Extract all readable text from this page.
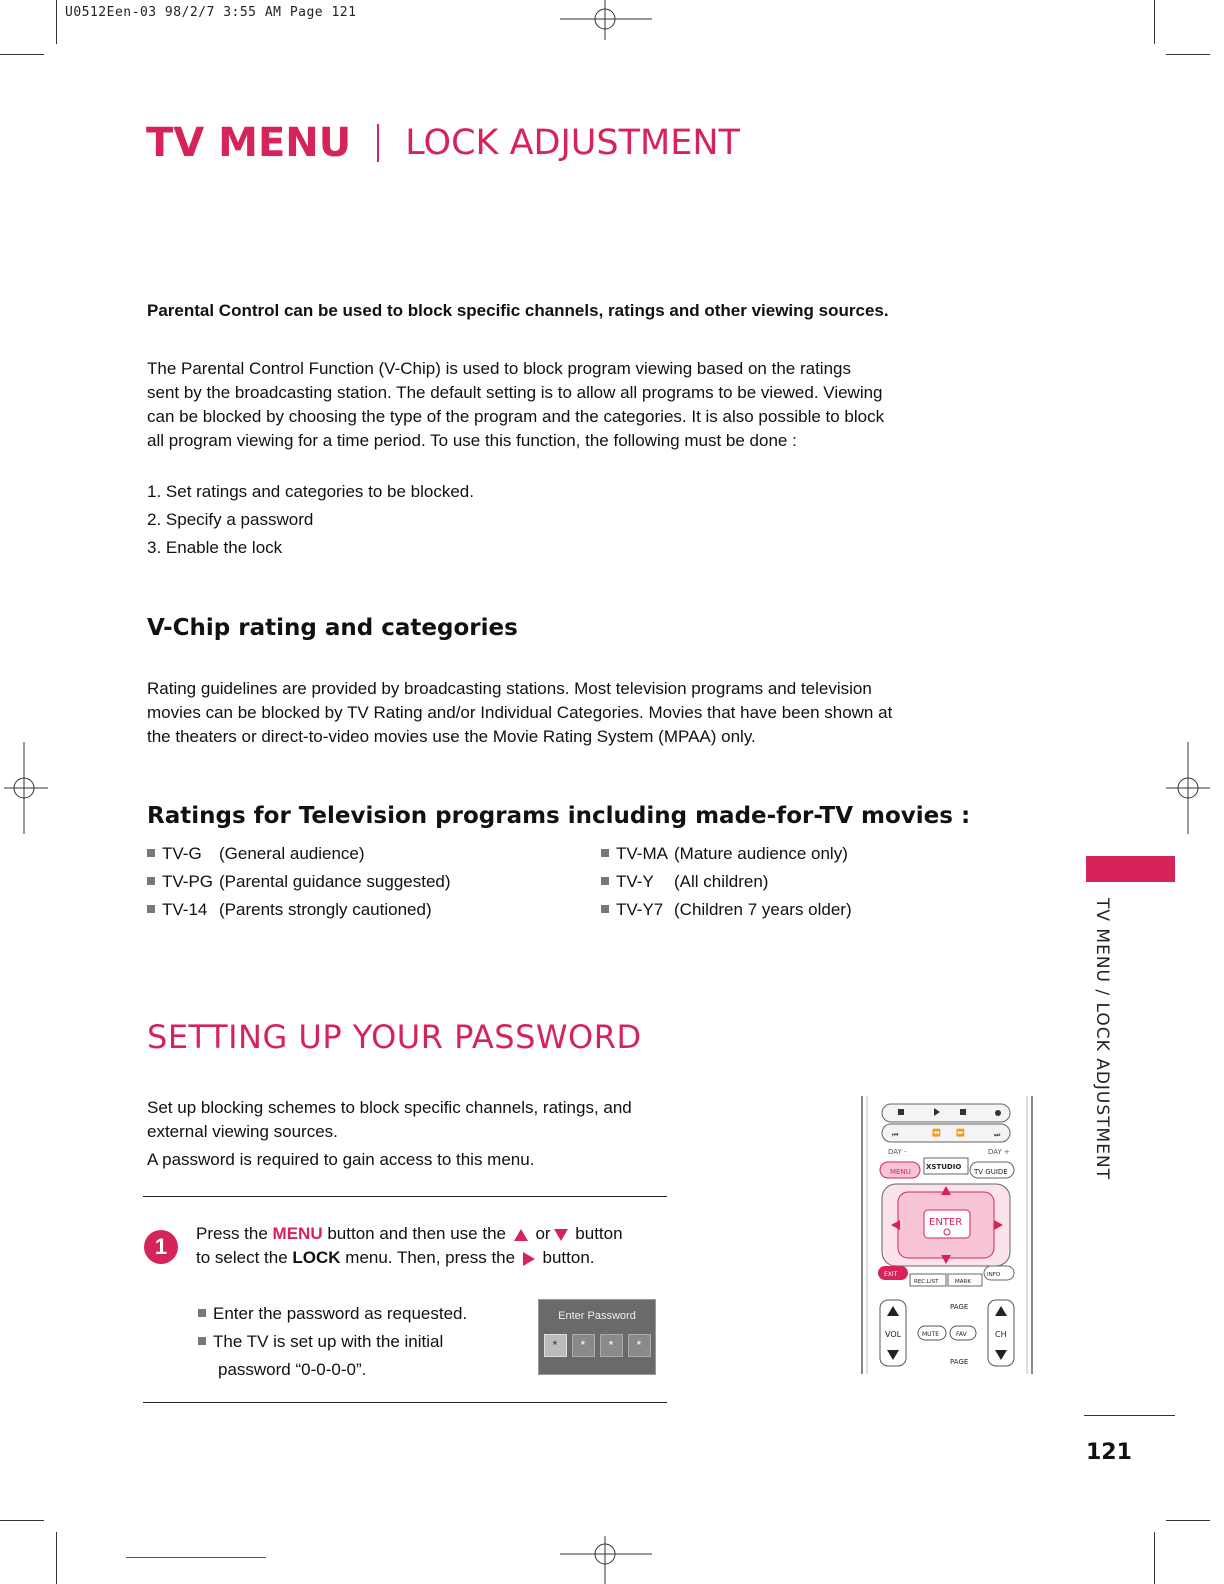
U0512Een-03 98/2/7 3:55 AM Page 121
TV MENU LOCK ADJUSTMENT
Parental Control can be used to block specific channels, ratings and other viewing sources.
The Parental Control Function (V-Chip) is used to block program viewing based on the ratings sent by the broadcasting station. The default setting is to allow all programs to be viewed. Viewing can be blocked by choosing the type of the program and the categories. It is also possible to block all program viewing for a time period. To use this function, the following must be done :
1. Set ratings and categories to be blocked.
2. Specify a password
3. Enable the lock
V-Chip rating and categories
Rating guidelines are provided by broadcasting stations. Most television programs and television movies can be blocked by TV Rating and/or Individual Categories. Movies that have been shown at the theaters or direct-to-video movies use the Movie Rating System (MPAA) only.
Ratings for Television programs including made-for-TV movies :
TV-G	(General audience)
TV-PG (Parental guidance suggested)
TV-14 (Parents strongly cautioned)
TV-MA (Mature audience only)
TV-Y	(All children)
TV-Y7 (Children 7 years older)
SETTING UP YOUR PASSWORD
Set up blocking schemes to block specific channels, ratings, and external viewing sources.
A password is required to gain access to this menu.
1
Press the MENU button and then use the  or button
to select the LOCK menu. Then, press the  button.
Enter the password as requested.
The TV is set up with the initial
password “0-0-0-0”.
Enter Password
*	*	*	*
⏮	⏪ ⏩	⏭
DAY -	DAY +
MENU
XSTUDIO
TV GUIDE
ENTER
EXIT
REC.LIST	MARK
INFO
VOL	CH
PAGE
PAGE
MUTE	FAV
TV MENU / LOCK ADJUSTMENT
121
